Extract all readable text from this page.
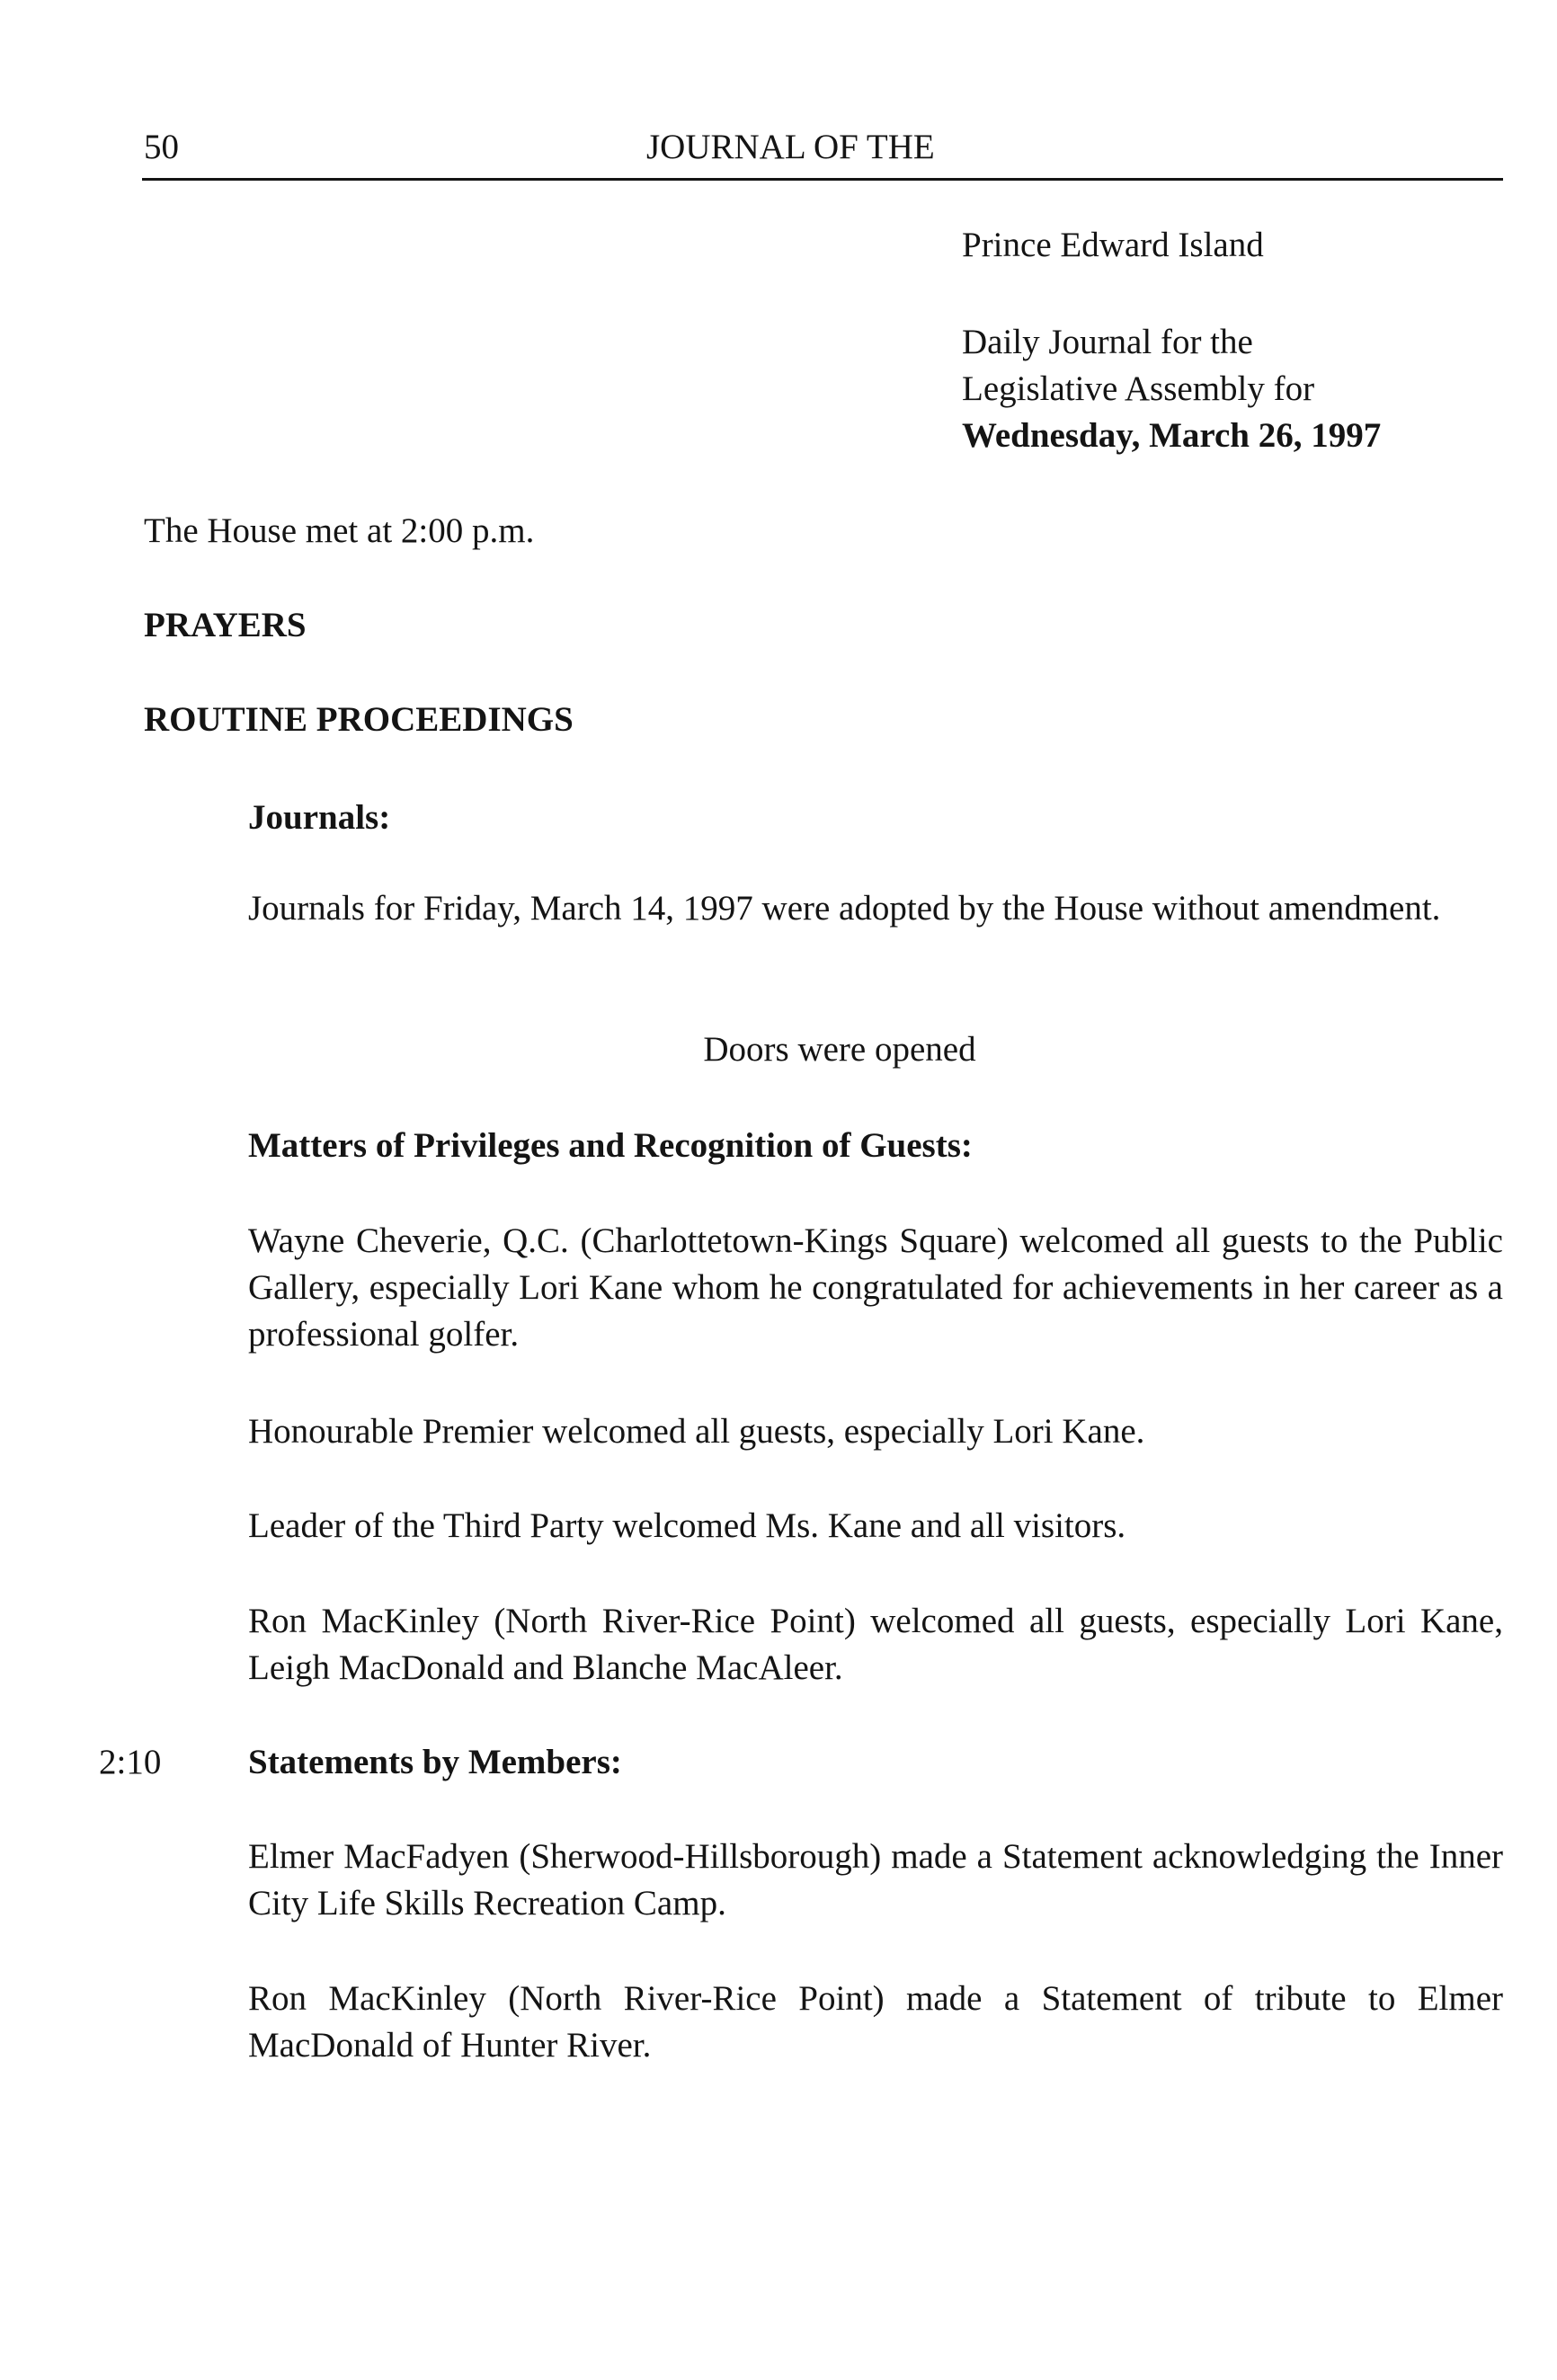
50	JOURNAL OF THE
Prince Edward Island
Daily Journal for the
Legislative Assembly for
Wednesday, March 26, 1997
The House met at 2:00 p.m.
PRAYERS
ROUTINE PROCEEDINGS
Journals:

Journals for Friday, March 14, 1997 were adopted by the House without amendment.

Doors were opened
Matters of Privileges and Recognition of Guests:

Wayne Cheverie, Q.C. (Charlottetown-Kings Square) welcomed all guests to the Public Gallery, especially Lori Kane whom he congratulated for achievements in her career as a professional golfer.

Honourable Premier welcomed all guests, especially Lori Kane.

Leader of the Third Party welcomed Ms. Kane and all visitors.

Ron MacKinley (North River-Rice Point) welcomed all guests, especially Lori Kane, Leigh MacDonald and Blanche MacAleer.

2:10 Statements by Members:

Elmer MacFadyen (Sherwood-Hillsborough) made a Statement acknowledging the Inner City Life Skills Recreation Camp.

Ron MacKinley (North River-Rice Point) made a Statement of tribute to Elmer MacDonald of Hunter River.
